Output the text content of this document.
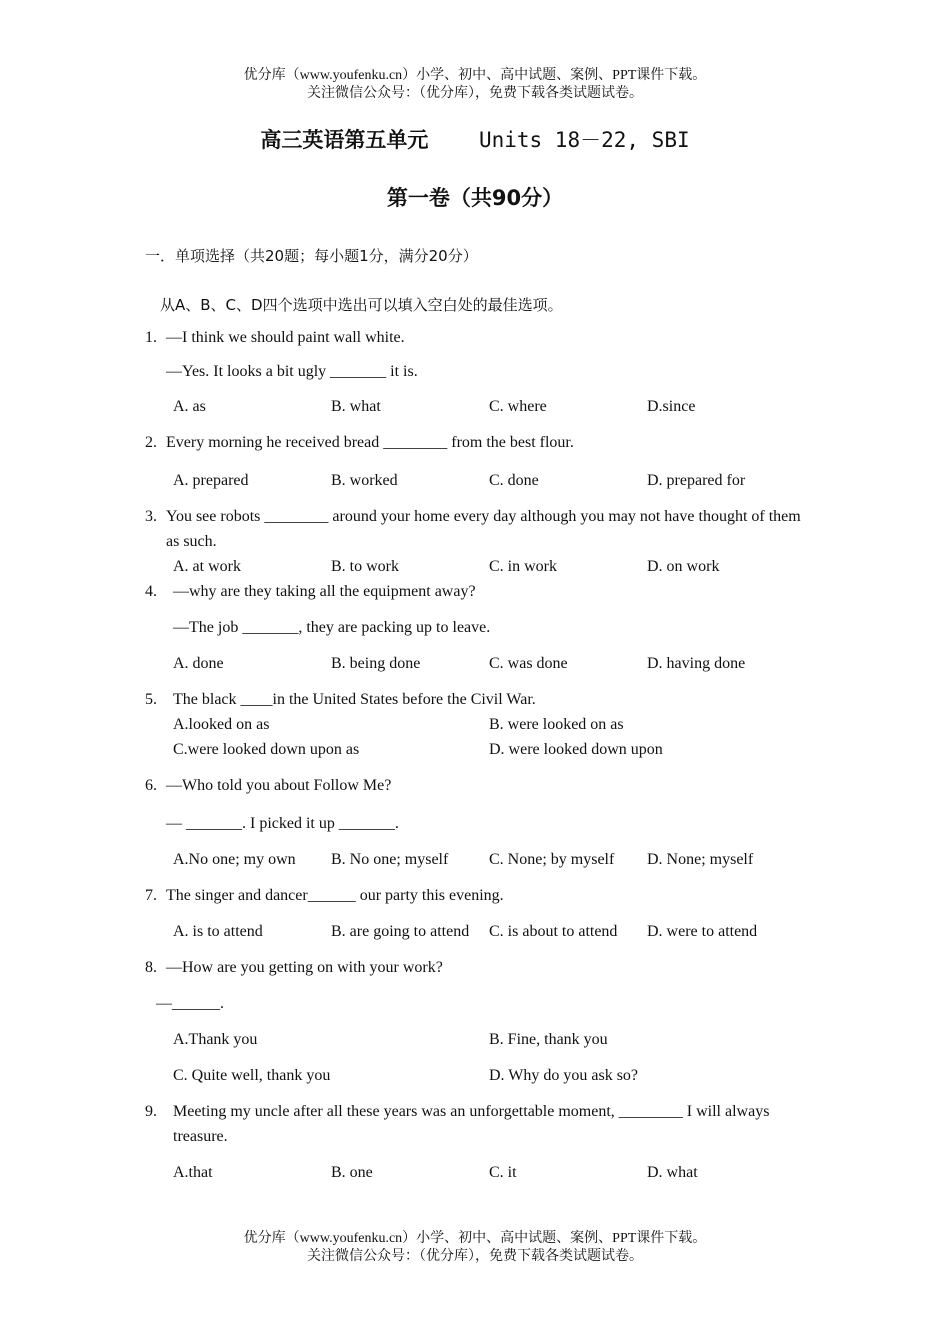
优分库（www.youfenku.cn）小学、初中、高中试题、案例、PPT课件下载。
关注微信公众号：（优分库），免费下载各类试题试卷。
高三英语第五单元 Units 18－22, SBI
第一卷（共90分）
一．单项选择（共20题；每小题1分，满分20分）
从A、B、C、D四个选项中选出可以填入空白处的最佳选项。
1. —I think we should paint wall white.
—Yes. It looks a bit ugly _______ it is.
A. as	B. what	C. where	D.since
2. Every morning he received bread ________ from the best flour.
A. prepared	B. worked	C. done	D. prepared for
3. You see robots ________ around your home every day although you may not have thought of them
as such.
A. at work	B. to work	C. in work	D. on work
4. —why are they taking all the equipment away?
—The job _______, they are packing up to leave.
A. done	B. being done	C. was done	D. having done
5. The black ____in the United States before the Civil War.
A.looked on as	B. were looked on as
C.were looked down upon as	D. were looked down upon
6. —Who told you about Follow Me?
— _______. I picked it up _______.
A.No one; my own B. No one; myself	C. None; by myself D. None; myself
7. The singer and dancer______ our party this evening.
A. is to attend	B. are going to attend C. is about to attend D. were to attend
8. —How are you getting on with your work?
—______.
A.Thank you	B. Fine, thank you
C. Quite well, thank you	D. Why do you ask so?
9. Meeting my uncle after all these years was an unforgettable moment, ________ I will always
treasure.
A.that	B. one	C. it	D. what
优分库（www.youfenku.cn）小学、初中、高中试题、案例、PPT课件下载。
关注微信公众号：（优分库），免费下载各类试题试卷。
